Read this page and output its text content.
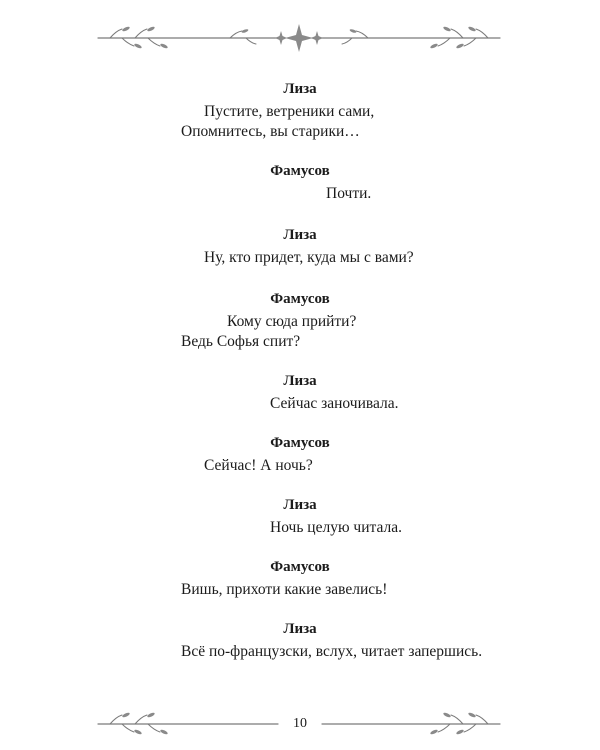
Лиза
Пустите, ветреники сами,
Опомнитесь, вы старики…
Фамусов
Почти.
Лиза
Ну, кто придет, куда мы с вами?
Фамусов
Кому сюда прийти?
Ведь Софья спит?
Лиза
Сейчас заночивала.
Фамусов
Сейчас! А ночь?
Лиза
Ночь целую читала.
Фамусов
Вишь, прихоти какие завелись!
Лиза
Всё по-французски, вслух, читает запершись.
10
